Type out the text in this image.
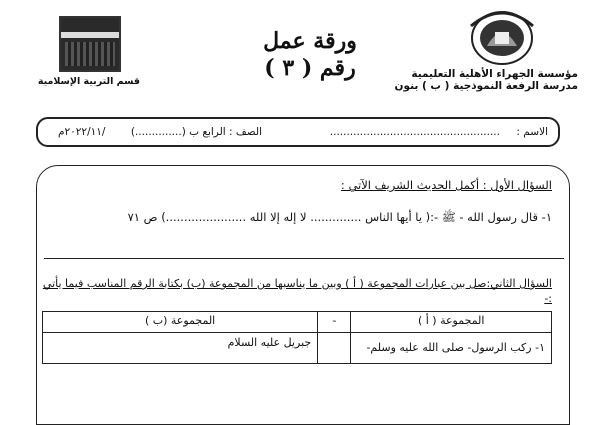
مؤسسة الجهراء الأهلية التعليمية
مدرسة الرفعة النموذجية ( ب ) بنون
ورقة عمل
رقم ( ٣ )
قسم التربية الإسلامية
الاسم :
...................................................
الصف : الرابع ب (..............)
/٢٠٢٢/١١م
السؤال الأول : أكمل الحديث الشريف الآتي :
١- قال رسول الله - ﷺ -:( يا أيها الناس .............. لا إله إلا الله ......................) ص ٧١
السؤال الثاني:صل بين عبارات المجموعة ( أ ) وبين ما يناسبها من المجموعة (ب) بكتابة الرقم المناسب فيما يأتي
:-
المجموعة ( أ )	-	المجموعة (ب )
١- ركب الرسول- صلى الله عليه وسلم-		جبريل عليه السلام
